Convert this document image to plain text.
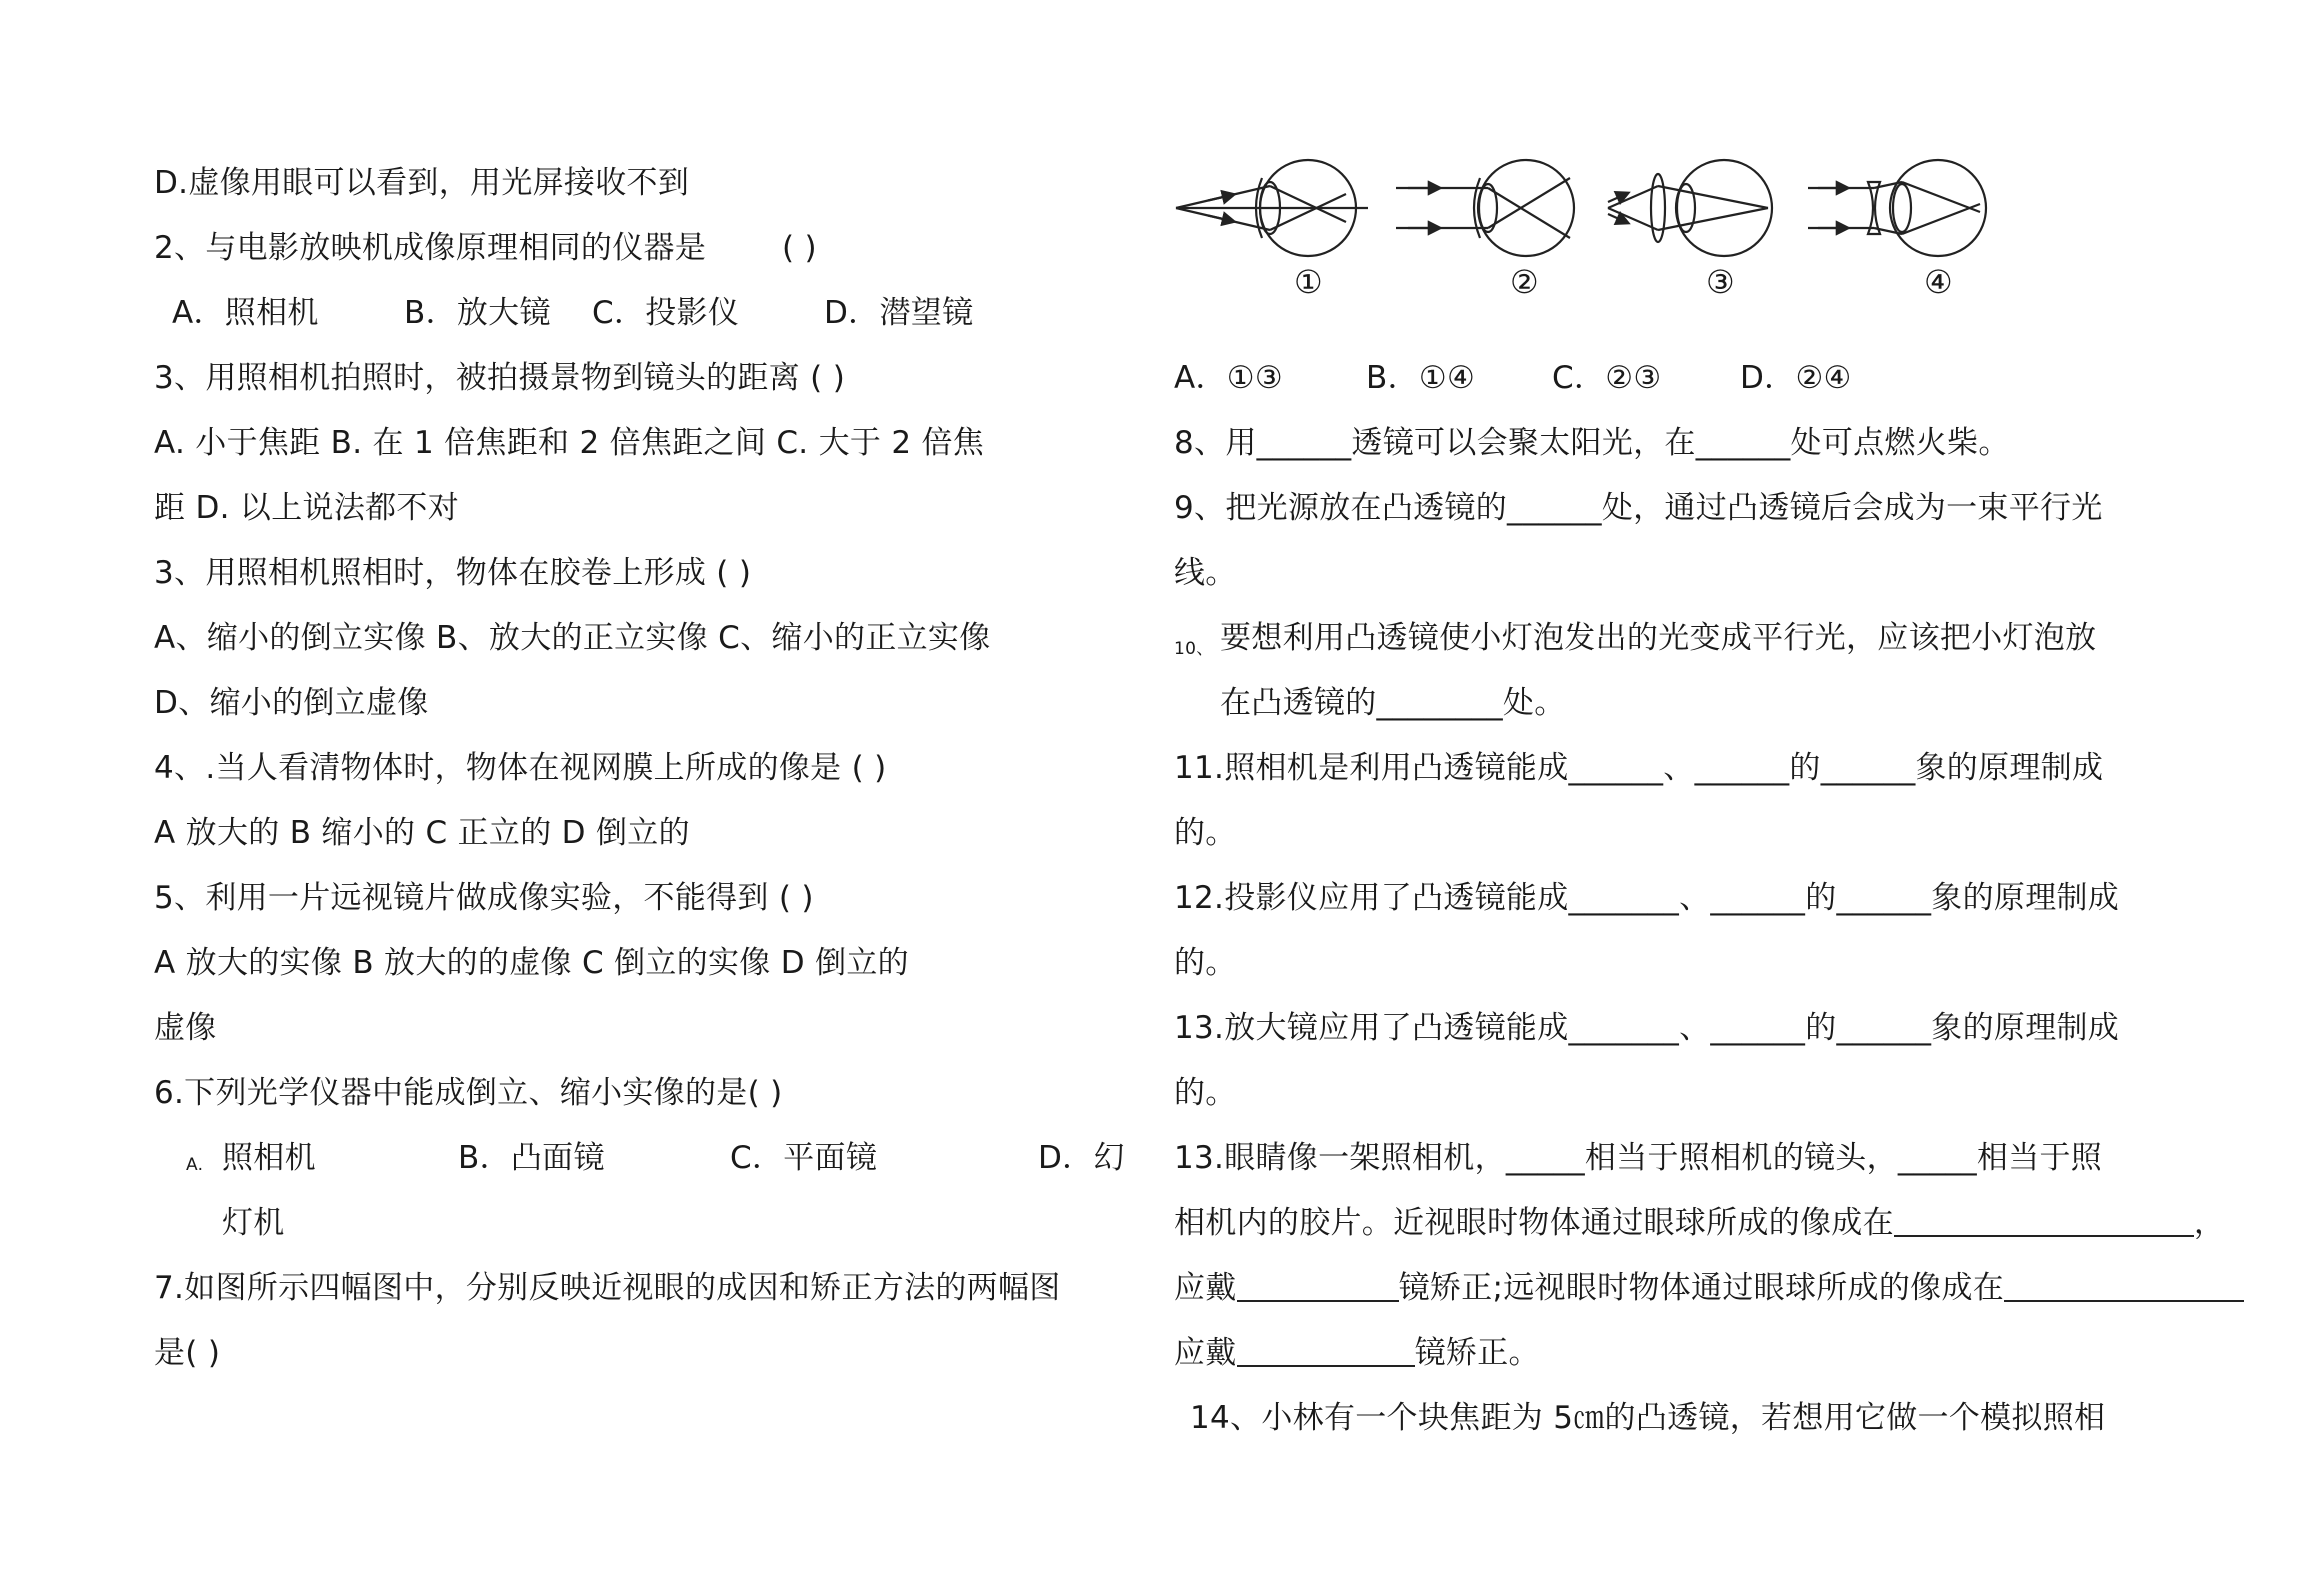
D.虚像用眼可以看到，用光屏接收不到
2、与电影放映机成像原理相同的仪器是 ( )
A．照相机	B．放大镜 C．投影仪	D．潜望镜
3、用照相机拍照时，被拍摄景物到镜头的距离 ( )
A. 小于焦距 B. 在 1 倍焦距和 2 倍焦距之间 C. 大于 2 倍焦
距 D. 以上说法都不对
3、用照相机照相时，物体在胶卷上形成 ( )
A、缩小的倒立实像 B、放大的正立实像 C、缩小的正立实像
D、缩小的倒立虚像
4、.当人看清物体时，物体在视网膜上所成的像是 ( )
A 放大的 B 缩小的 C 正立的 D 倒立的
5、利用一片远视镜片做成像实验，不能得到 ( )
A 放大的实像 B 放大的的虚像 C 倒立的实像 D 倒立的
虚像
6.下列光学仪器中能成倒立、缩小实像的是( )
A. 照相机	B．凸面镜	C．平面镜	D．幻
灯机
7.如图所示四幅图中，分别反映近视眼的成因和矫正方法的两幅图
是( )
①	②	③	④
A．①③	B．①④ C．②③	D．②④
8、用______透镜可以会聚太阳光，在______处可点燃火柴。
9、把光源放在凸透镜的______处，通过凸透镜后会成为一束平行光
线。
10、 要想利用凸透镜使小灯泡发出的光变成平行光，应该把小灯泡放
在凸透镜的________处。
11.照相机是利用凸透镜能成______、______的______象的原理制成
的。
12.投影仪应用了凸透镜能成_______、______的______象的原理制成
的。
13.放大镜应用了凸透镜能成_______、______的______象的原理制成
的。
13.眼睛像一架照相机，_____相当于照相机的镜头，_____相当于照
相机内的胶片。近视眼时物体通过眼球所成的像成在	，
应戴	镜矫正;远视眼时物体通过眼球所成的像成在
应戴	镜矫正。
14、小林有一个块焦距为 5㎝的凸透镜，若想用它做一个模拟照相
